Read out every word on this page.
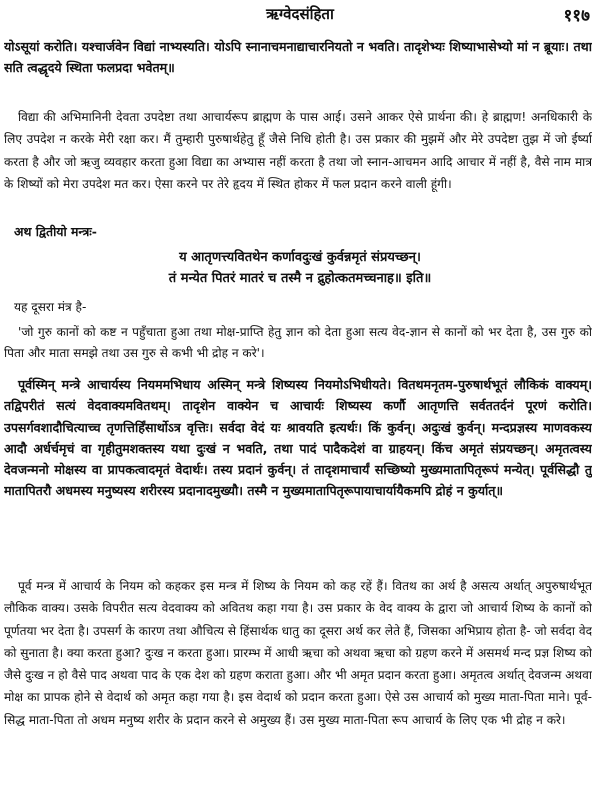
ऋग्वेदसंहिता	११७
योऽसूयां करोति। यश्चार्जवेन विद्यां नाभ्यस्यति। योऽपि स्नानाचमनाद्याचारनियतो न भवति। तादृशेभ्यः शिष्याभासेभ्यो मां न ब्रूयाः। तथा सति त्वद्धृदये स्थिता फलप्रदा भवेतम्॥
विद्या की अभिमानिनी देवता उपदेष्टा तथा आचार्यरूप ब्राह्मण के पास आई। उसने आकर ऐसे प्रार्थना की। हे ब्राह्मण! अनधिकारी के लिए उपदेश न करके मेरी रक्षा कर। मैं तुम्हारी पुरुषार्थहेतु हूँ जैसे निधि होती है। उस प्रकार की मुझमें और मेरे उपदेष्टा तुझ में जो ईर्ष्या करता है और जो ऋजु व्यवहार करता हुआ विद्या का अभ्यास नहीं करता है तथा जो स्नान-आचमन आदि आचार में नहीं है, वैसे नाम मात्र के शिष्यों को मेरा उपदेश मत कर। ऐसा करने पर तेरे हृदय में स्थित होकर में फल प्रदान करने वाली हूंगी।
अथ द्वितीयो मन्त्रः-
य आतृणत्त्यवितथेन कर्णावदुःखं कुर्वन्नमृतं संप्रयच्छन्।
तं मन्येत पितरं मातरं च तस्मै न द्रुहोत्कतमच्चनाह॥ इति॥
यह दूसरा मंत्र है-
'जो गुरु कानों को कष्ट न पहुँचाता हुआ तथा मोक्ष-प्राप्ति हेतु ज्ञान को देता हुआ सत्य वेद-ज्ञान से कानों को भर देता है, उस गुरु को पिता और माता समझे तथा उस गुरु से कभी भी द्रोह न करे'।
पूर्वस्मिन् मन्त्रे आचार्यस्य नियममभिधाय अस्मिन् मन्त्रे शिष्यस्य नियमोऽभिधीयते। वितथमनृतम-पुरुषार्थभूतं लौकिकं वाक्यम्। तद्विपरीतं सत्यं वेदवाक्यमवितथम्। तादृशेन वाक्येन च आचार्यः शिष्यस्य कर्णौ आतृणत्ति सर्वततर्दनं पूरणं करोति। उपसर्गवशादौचित्याच्च तृणत्तिर्हिंसार्थोऽत्र वृत्तिः। सर्वदा वेदं यः श्रावयति इत्यर्थः। किं कुर्वन्। अदुःखं कुर्वन्। मन्दप्रज्ञस्य माणवकस्य आदौ अर्धर्चमृचं वा गृहीतुमशक्तस्य यथा दुःखं न भवति, तथा पादं पादैकदेशं वा ग्राहयन्। किंच अमृतं संप्रयच्छन्। अमृतत्वस्य देवजन्मनो मोक्षस्य वा प्रापकत्वादमृतं वेदार्थः। तस्य प्रदानं कुर्वन्। तं तादृशमाचार्यं सच्छिष्यो मुख्यमातापितृरूपं मन्येत्। पूर्वसिद्धौ तु मातापितरौ अधमस्य मनुष्यस्य शरीरस्य प्रदानादमुख्यौ। तस्मै न मुख्यमातापितृरूपायाचार्यायैकमपि द्रोहं न कुर्यात्॥
पूर्व मन्त्र में आचार्य के नियम को कहकर इस मन्त्र में शिष्य के नियम को कह रहें हैं। वितथ का अर्थ है असत्य अर्थात् अपुरुषार्थभूत लौकिक वाक्य। उसके विपरीत सत्य वेदवाक्य को अवितथ कहा गया है। उस प्रकार के वेद वाक्य के द्वारा जो आचार्य शिष्य के कानों को पूर्णतया भर देता है। उपसर्ग के कारण तथा औचित्य से हिंसार्थक धातु का दूसरा अर्थ कर लेते हैं, जिसका अभिप्राय होता है- जो सर्वदा वेद को सुनाता है। क्या करता हुआ? दुःख न करता हुआ। प्रारम्भ में आधी ऋचा को अथवा ऋचा को ग्रहण करने में असमर्थ मन्द प्रज्ञ शिष्य को जैसे दुःख न हो वैसे पाद अथवा पाद के एक देश को ग्रहण कराता हुआ। और भी अमृत प्रदान करता हुआ। अमृतत्व अर्थात् देवजन्म अथवा मोक्ष का प्रापक होने से वेदार्थ को अमृत कहा गया है। इस वेदार्थ को प्रदान करता हुआ। ऐसे उस आचार्य को मुख्य माता-पिता माने। पूर्व-सिद्ध माता-पिता तो अधम मनुष्य शरीर के प्रदान करने से अमुख्य हैं। उस मुख्य माता-पिता रूप आचार्य के लिए एक भी द्रोह न करे।
